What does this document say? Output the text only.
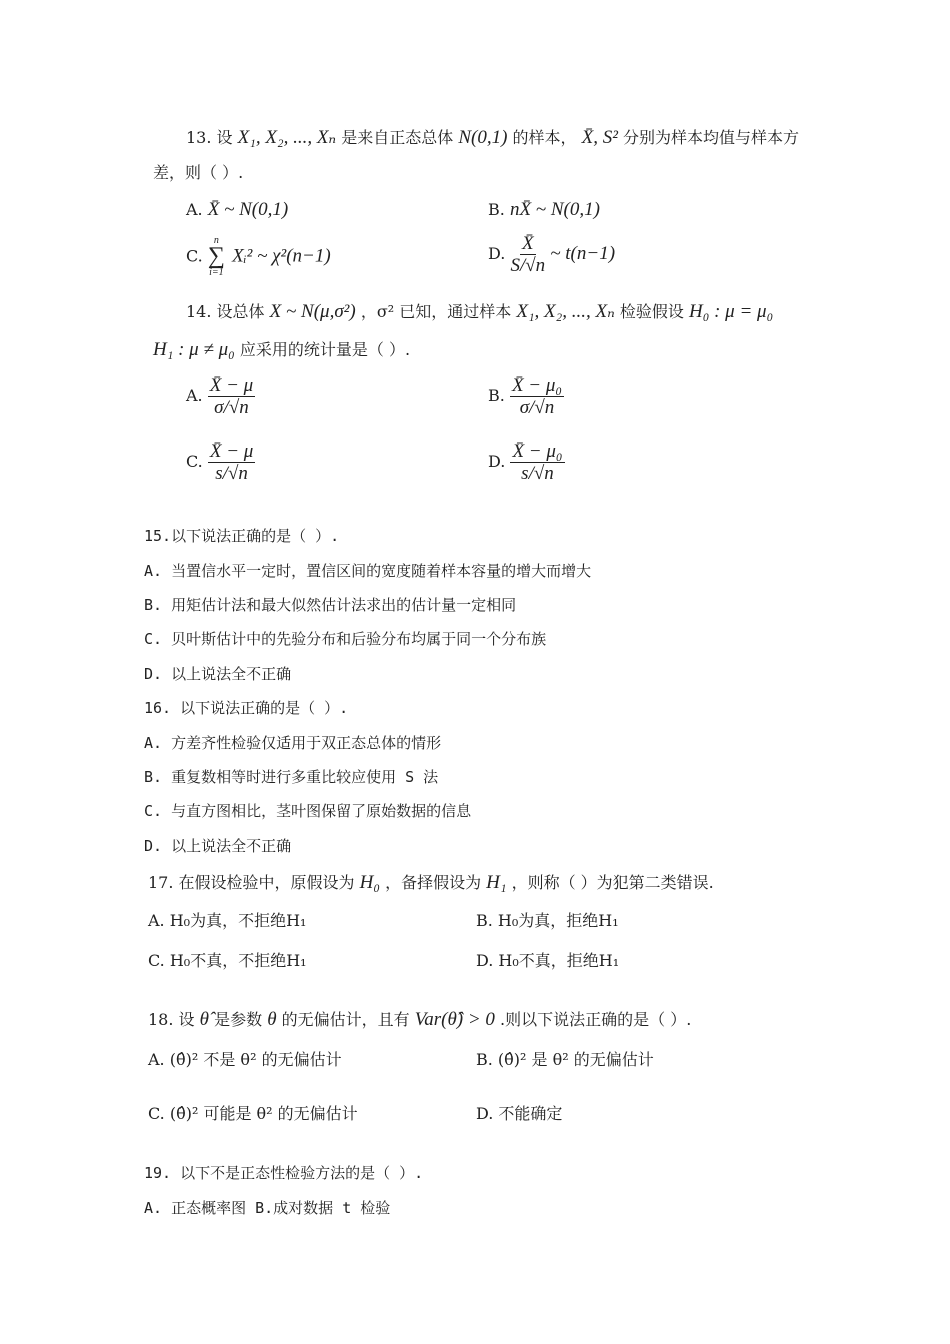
13. 设 X₁, X₂, ..., Xₙ 是来自正态总体 N(0,1) 的样本， X̄, S² 分别为样本均值与样本方
差，则（ ）.
A. X̄ ~ N(0,1)	B. nX̄ ~ N(0,1)
C.
n
∑
i=1
Xᵢ² ~ χ²(n−1)	D. $\frac{X̄}{S/√n}$ ~ t(n−1)
14. 设总体 X ~ N(μ,σ²) ，σ² 已知，通过样本 X₁, X₂, ..., Xₙ 检验假设 H₀ : μ = μ₀
H₁ : μ ≠ μ₀ 应采用的统计量是（ ）.
A. $\frac{X̄ - \mu}{\sigma/√n}$	B. $\frac{\text{X̄ − μ₀}}{\sigma/√n}$
C. $\frac{X̄ - \mu}{s/√n}$	D. $\frac{\text{X̄ − μ₀}}{s/√n}$
15.以下说法正确的是（ ）.
A. 当置信水平一定时，置信区间的宽度随着样本容量的增大而增大
B. 用矩估计法和最大似然估计法求出的估计量一定相同
C. 贝叶斯估计中的先验分布和后验分布均属于同一个分布族
D. 以上说法全不正确
16. 以下说法正确的是（ ）.
A. 方差齐性检验仅适用于双正态总体的情形
B. 重复数相等时进行多重比较应使用 S 法
C. 与直方图相比，茎叶图保留了原始数据的信息
D. 以上说法全不正确
17. 在假设检验中，原假设为 H₀ ，备择假设为 H₁ ，则称（ ）为犯第二类错误.
A. H₀为真，不拒绝H₁	B. H₀为真，拒绝H₁
C. H₀不真，不拒绝H₁	D. H₀不真，拒绝H₁
18. 设 θ̂ 是参数 θ 的无偏估计，且有 Var(θ̂) > 0 .则以下说法正确的是（ ）.
A. (θ̂)² 不是 θ² 的无偏估计	B. (θ̂)² 是 θ² 的无偏估计
C. (θ̂)² 可能是 θ² 的无偏估计	D. 不能确定
19. 以下不是正态性检验方法的是（ ）.
A. 正态概率图 B.成对数据 t 检验
